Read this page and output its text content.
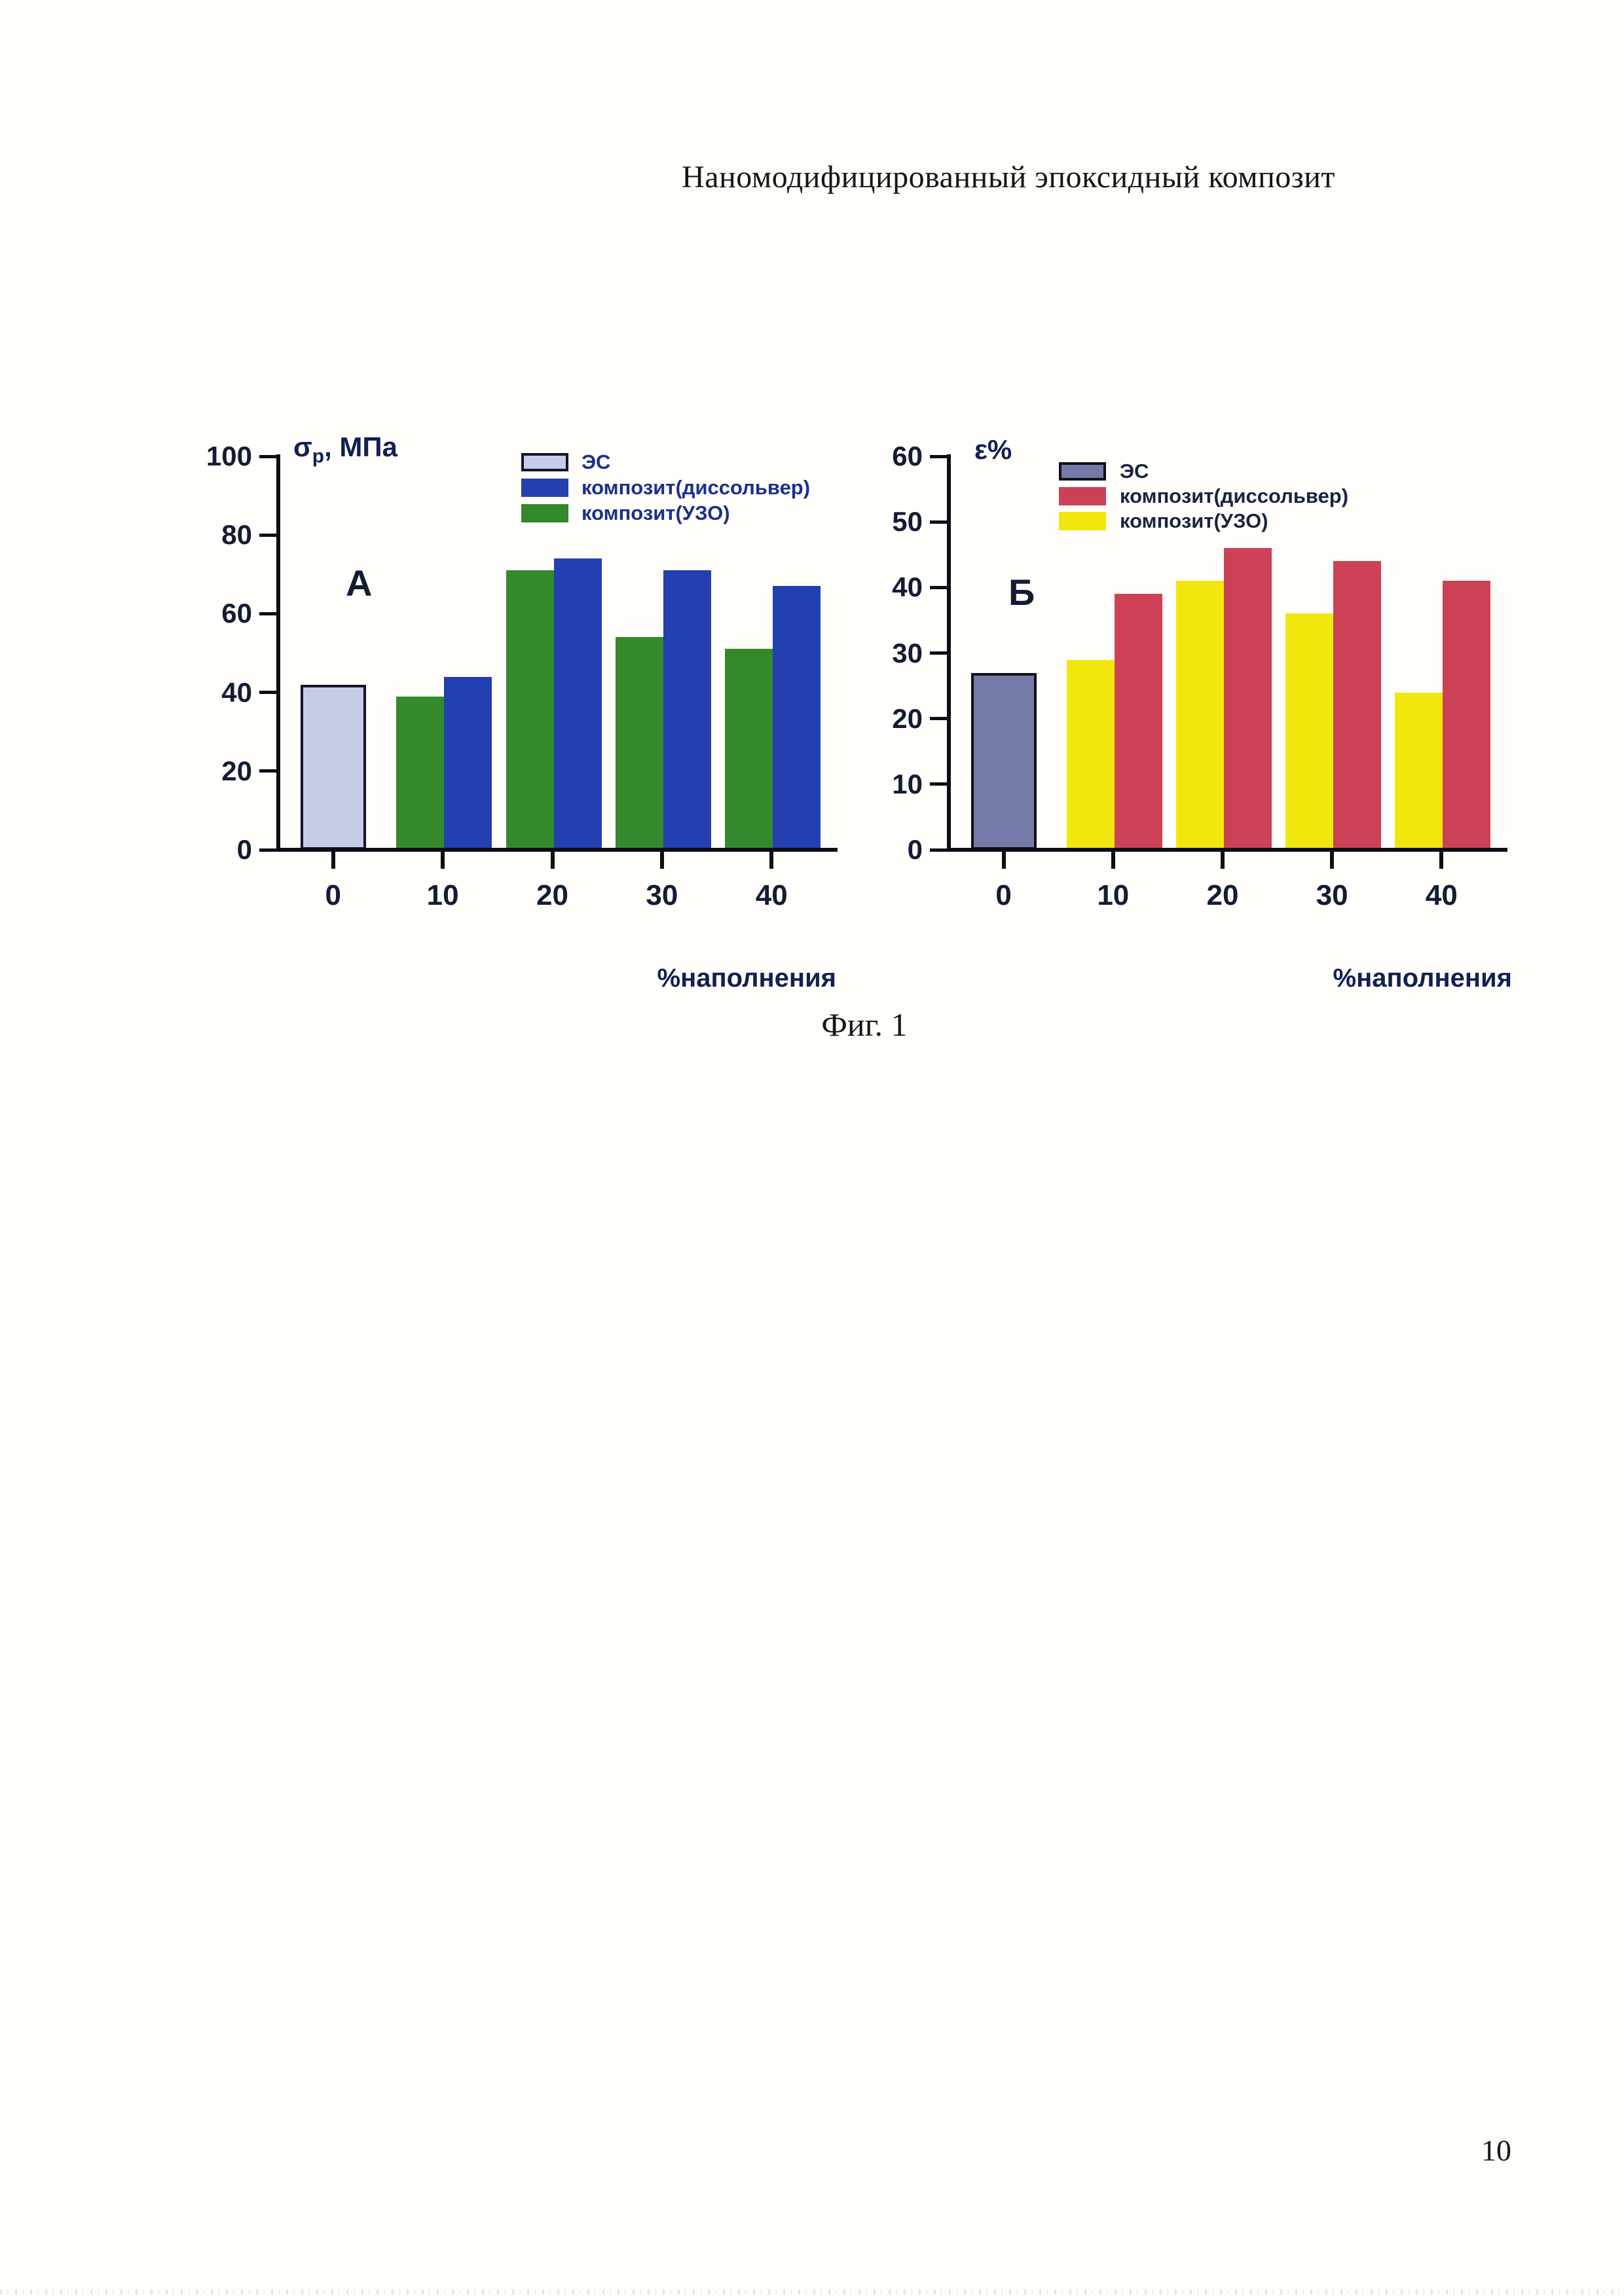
Наномодифицированный эпоксидный композит
$\sigma_p$, МПа
А
0
20
40
60
80
100
0	10	20	30	40
ЭС
композит(диссольвер)
композит(УЗО)
%наполнения
ε%
Б
0
10
20
30
40
50
60
0	10	20	30	40
ЭС
композит(диссольвер)
композит(УЗО)
%наполнения
Фиг. 1
10
